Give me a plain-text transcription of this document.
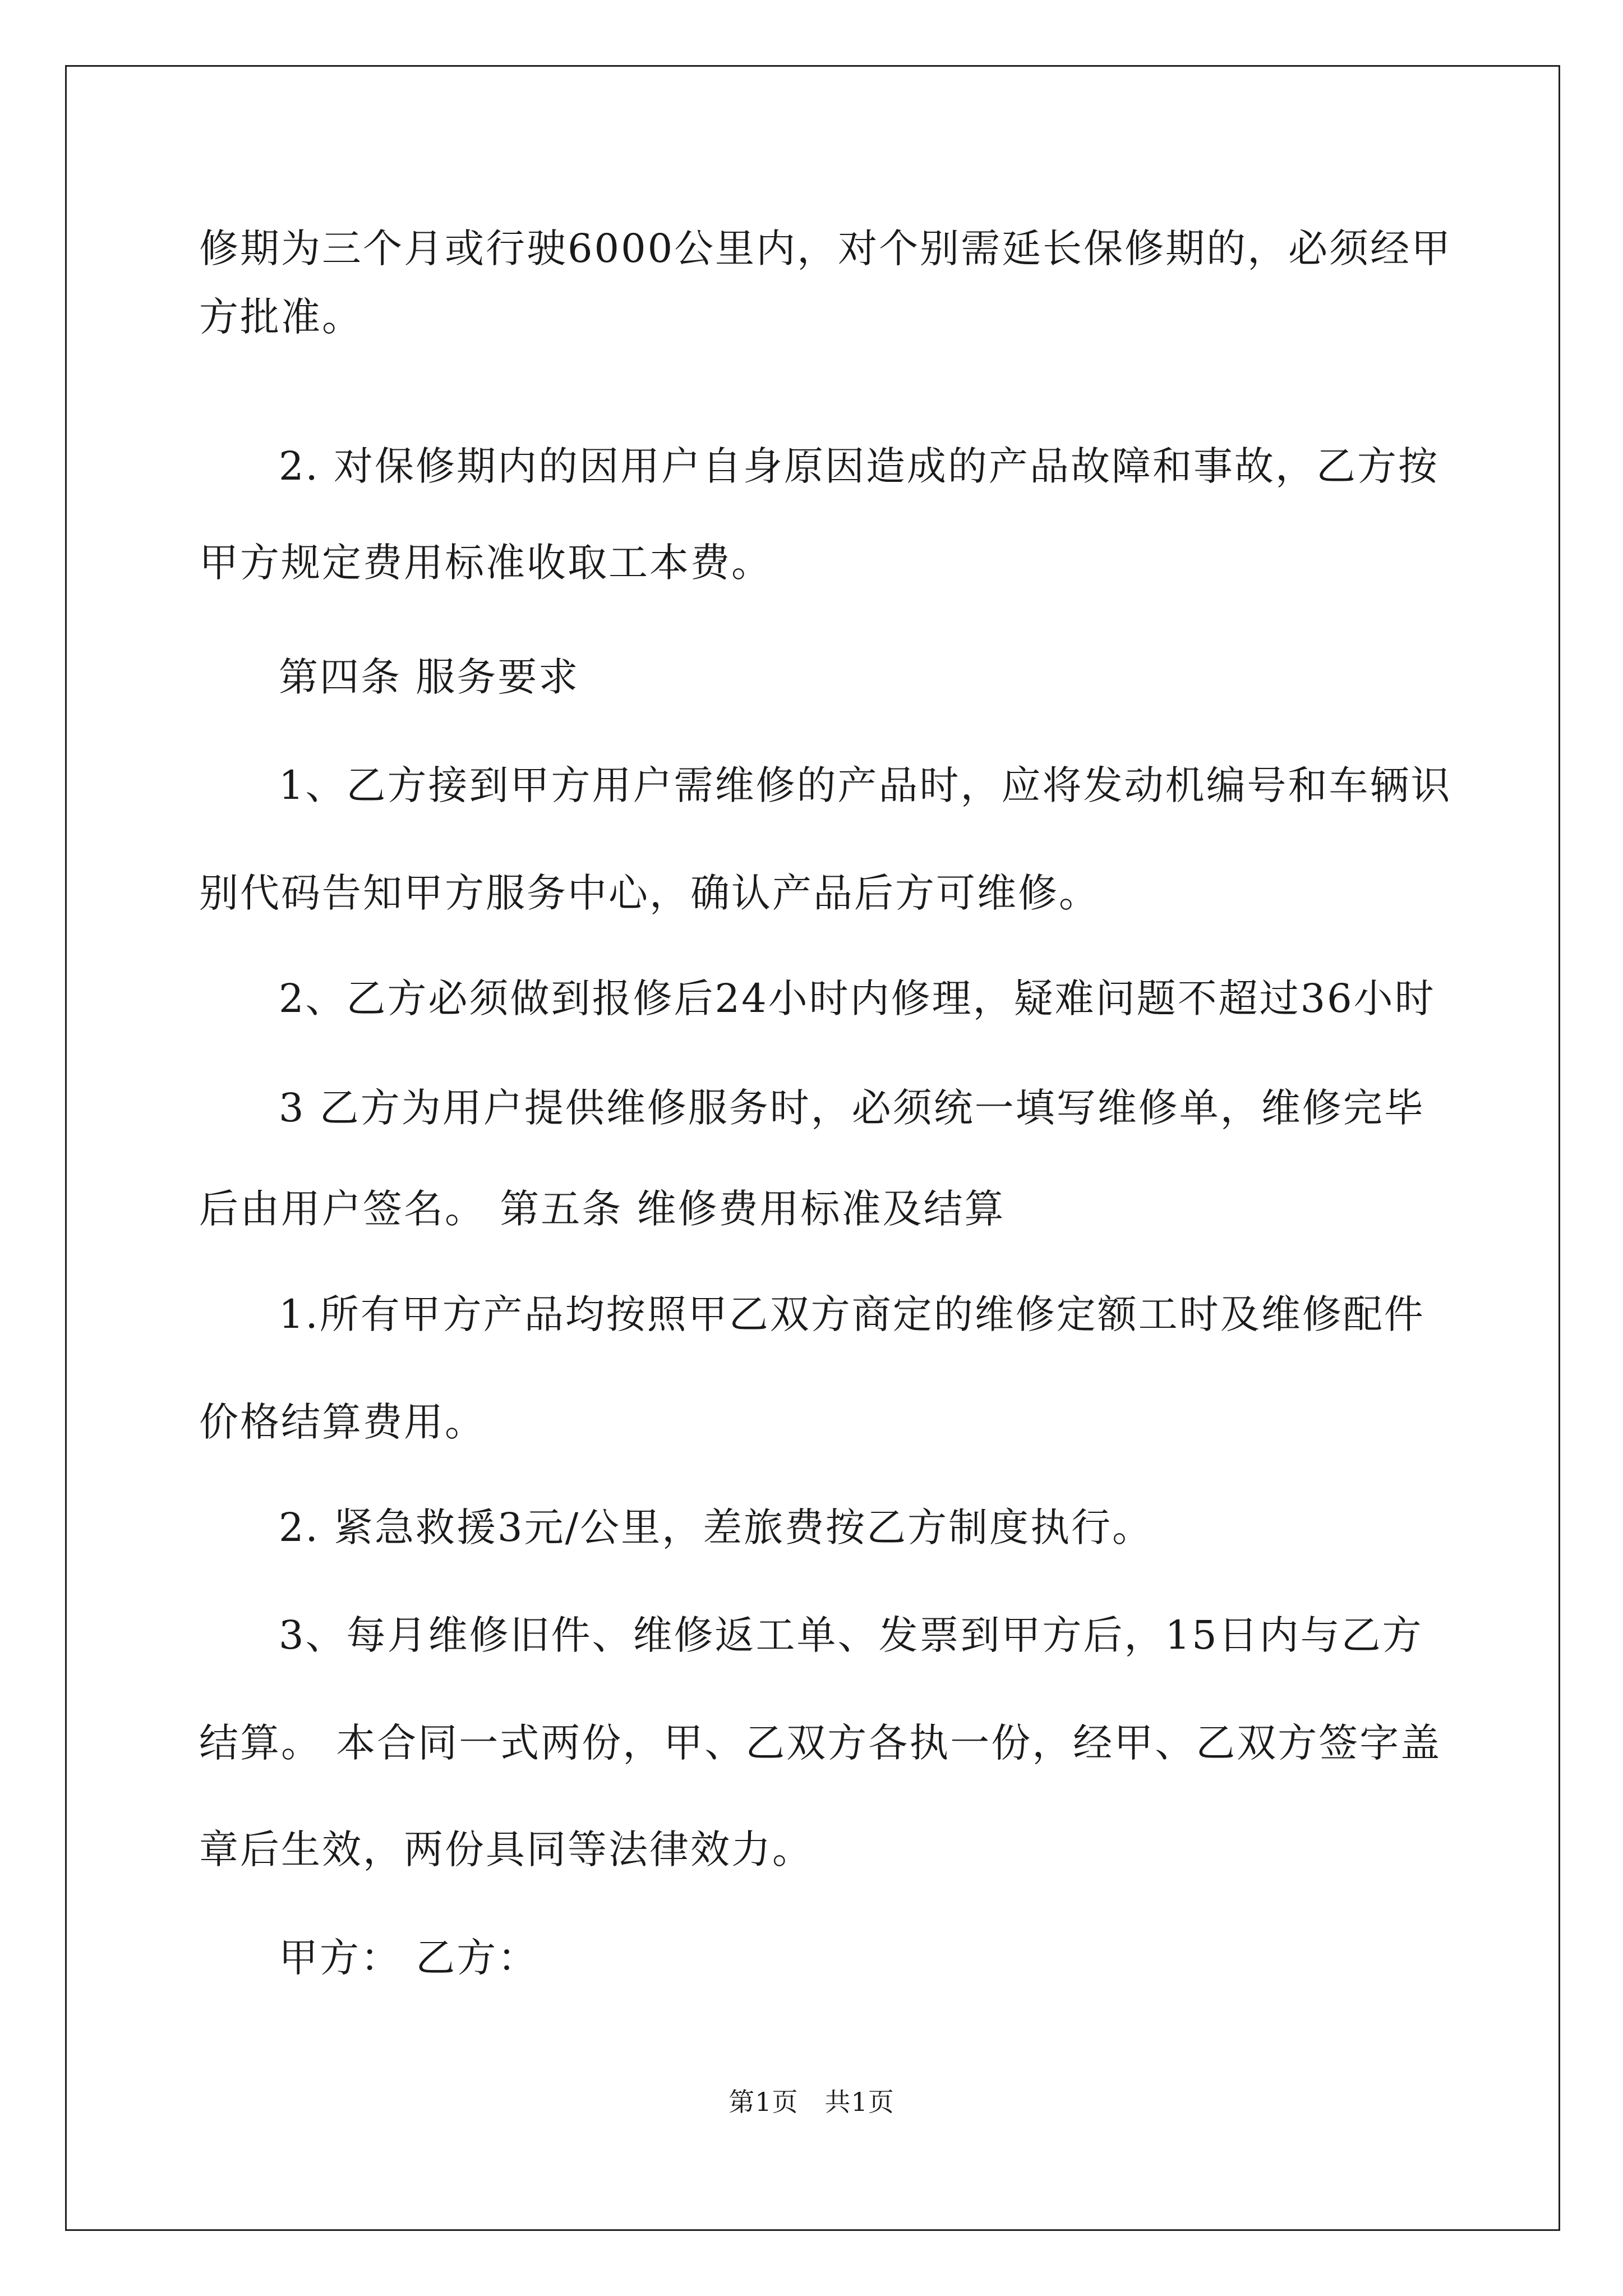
修期为三个月或行驶6000公里内，对个别需延长保修期的，必须经甲
方批准。
2. 对保修期内的因用户自身原因造成的产品故障和事故，乙方按
甲方规定费用标准收取工本费。
第四条 服务要求
1、乙方接到甲方用户需维修的产品时，应将发动机编号和车辆识
别代码告知甲方服务中心，确认产品后方可维修。
2、乙方必须做到报修后24小时内修理，疑难问题不超过36小时
3 乙方为用户提供维修服务时，必须统一填写维修单，维修完毕
后由用户签名。 第五条 维修费用标准及结算
1.所有甲方产品均按照甲乙双方商定的维修定额工时及维修配件
价格结算费用。
2. 紧急救援3元/公里，差旅费按乙方制度执行。
3、每月维修旧件、维修返工单、发票到甲方后，15日内与乙方
结算。 本合同一式两份，甲、乙双方各执一份，经甲、乙双方签字盖
章后生效，两份具同等法律效力。
甲方： 乙方：
第1页　共1页
